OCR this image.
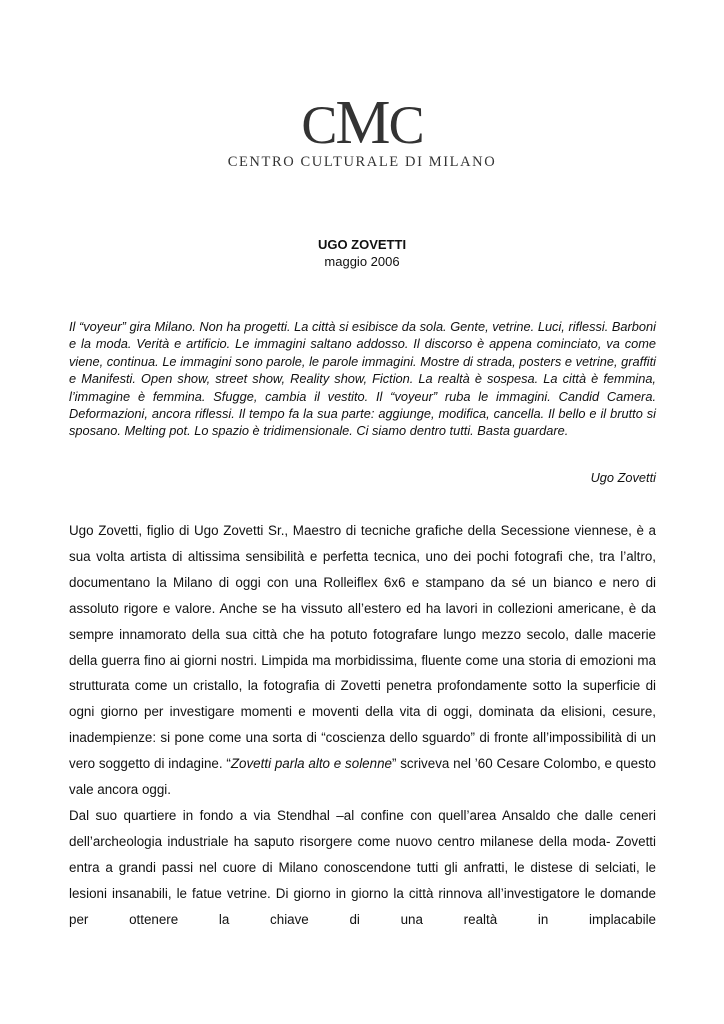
CMC
CENTRO CULTURALE DI MILANO
UGO ZOVETTI
maggio 2006
Il “voyeur” gira Milano. Non ha progetti. La città si esibisce da sola. Gente, vetrine. Luci, riflessi. Barboni e la moda. Verità e artificio. Le immagini saltano addosso. Il discorso è appena cominciato, va come viene, continua. Le immagini sono parole, le parole immagini. Mostre di strada, posters e vetrine, graffiti e Manifesti. Open show, street show, Reality show, Fiction. La realtà è sospesa. La città è femmina, l’immagine è femmina. Sfugge, cambia il vestito. Il “voyeur” ruba le immagini. Candid Camera. Deformazioni, ancora riflessi. Il tempo fa la sua parte: aggiunge, modifica, cancella. Il bello e il brutto si sposano. Melting pot. Lo spazio è tridimensionale. Ci siamo dentro tutti. Basta guardare.
Ugo Zovetti

Ugo Zovetti, figlio di Ugo Zovetti Sr., Maestro di tecniche grafiche della Secessione viennese, è a sua volta artista di altissima sensibilità e perfetta tecnica, uno dei pochi fotografi che, tra l’altro, documentano la Milano di oggi con una Rolleiflex 6x6 e stampano da sé un bianco e nero di assoluto rigore e valore. Anche se ha vissuto all’estero ed ha lavori in collezioni americane, è da sempre innamorato della sua città che ha potuto fotografare lungo mezzo secolo, dalle macerie della guerra fino ai giorni nostri. Limpida ma morbidissima, fluente come una storia di emozioni ma strutturata come un cristallo, la fotografia di Zovetti penetra profondamente sotto la superficie di ogni giorno per investigare momenti e moventi della vita di oggi, dominata da elisioni, cesure, inadempienze: si pone come una sorta di “coscienza dello sguardo” di fronte all’impossibilità di un vero soggetto di indagine. “Zovetti parla alto e solenne” scriveva nel ’60 Cesare Colombo, e questo vale ancora oggi.

Dal suo quartiere in fondo a via Stendhal –al confine con quell’area Ansaldo che dalle ceneri dell’archeologia industriale ha saputo risorgere come nuovo centro milanese della moda- Zovetti entra a grandi passi nel cuore di Milano conoscendone tutti gli anfratti, le distese di selciati, le lesioni insanabili, le fatue vetrine. Di giorno in giorno la città rinnova all’investigatore le domande per ottenere la chiave di una realtà in implacabile
